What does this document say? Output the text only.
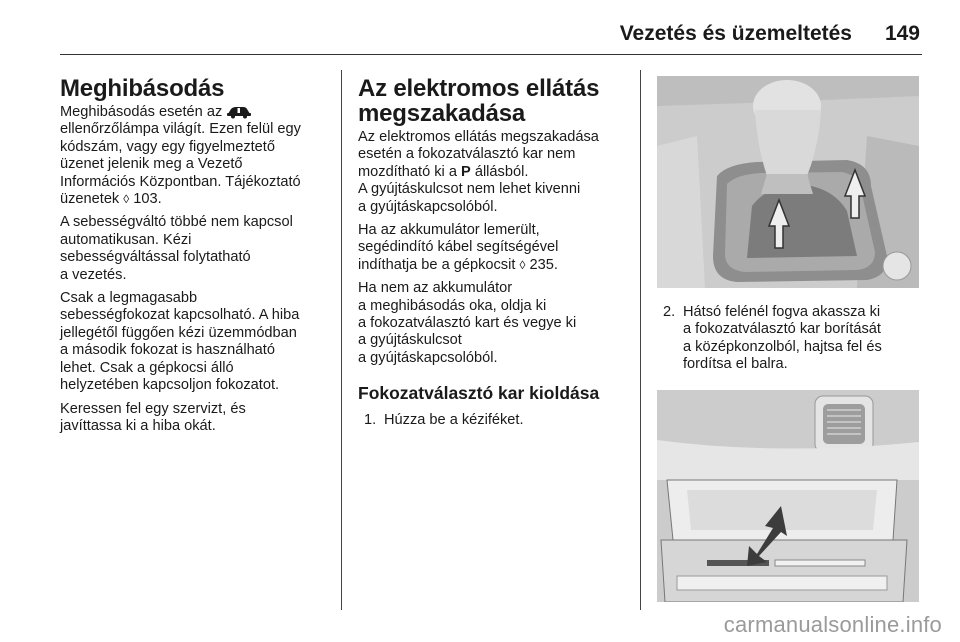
Vezetés és üzemeltetés 149
Meghibásodás

Meghibásodás esetén az
ellenőrzőlámpa világít. Ezen felül egy
kódszám, vagy egy figyelmeztető
üzenet jelenik meg a Vezető
Információs Központban. Tájékoztató
üzenetek ◊ 103.

A sebességváltó többé nem kapcsol
automatikusan. Kézi
sebességváltással folytatható
a vezetés.

Csak a legmagasabb
sebességfokozat kapcsolható. A hiba
jellegétől függően kézi üzemmódban
a második fokozat is használható
lehet. Csak a gépkocsi álló
helyzetében kapcsoljon fokozatot.

Keressen fel egy szervizt, és
javíttassa ki a hiba okát.

Az elektromos ellátás
megszakadása

Az elektromos ellátás megszakadása
esetén a fokozatválasztó kar nem
mozdítható ki a P állásból.
A gyújtáskulcsot nem lehet kivenni
a gyújtáskapcsolóból.

Ha az akkumulátor lemerült,
segédindító kábel segítségével
indíthatja be a gépkocsit ◊ 235.

Ha nem az akkumulátor
a meghibásodás oka, oldja ki
a fokozatválasztó kart és vegye ki
a gyújtáskulcsot
a gyújtáskapcsolóból.

Fokozatválasztó kar kioldása
1. Húzza be a kéziféket.
2. Hátsó felénél fogva akassza ki
a fokozatválasztó kar borítását
a középkonzolból, hajtsa fel és
fordítsa el balra.
carmanualsonline.info
